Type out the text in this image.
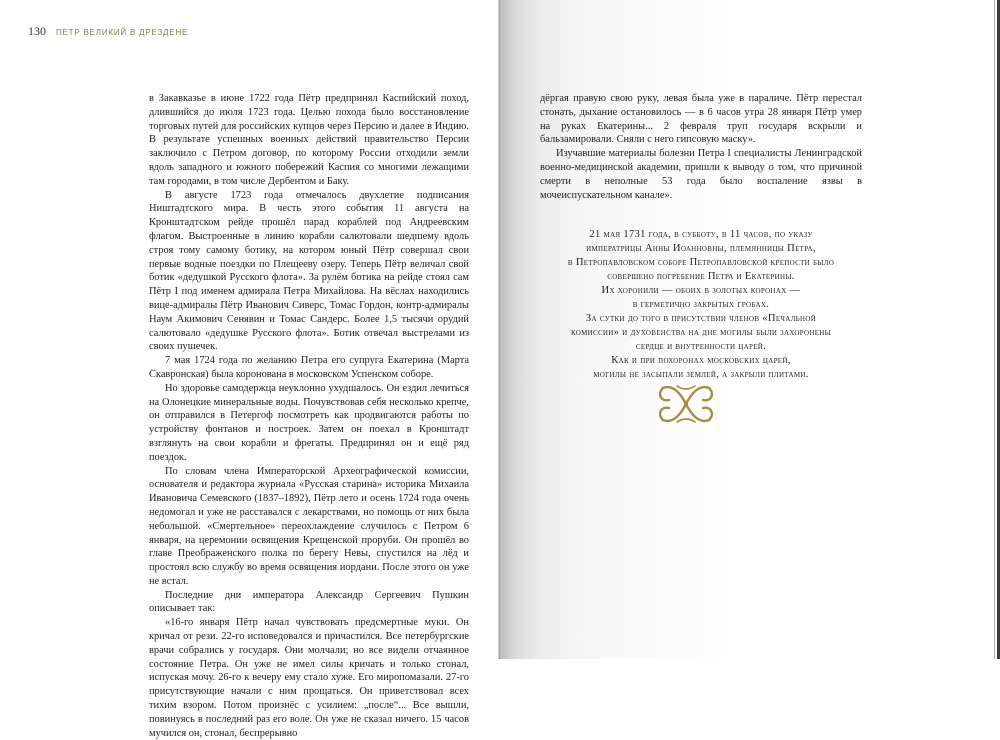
130 ПЕТР ВЕЛИКИЙ В ДРЕЗДЕНЕ

в Закавказье в июне 1722 года Пётр предпринял Каспийский поход, длившийся до июля 1723 года. Целью похода было восстановление торговых путей для российских купцов через Персию и далее в Индию. В результате успешных военных действий правительство Персии заключило с Петром договор, по которому России отходили земли вдоль западного и южного побережий Каспия со многими лежащими там городами, в том числе Дербентом и Баку.

В августе 1723 года отмечалось двухлетие подписания Ништадтского мира. В честь этого события 11 августа на Кронштадтском рейде прошёл парад кораблей под Андреевским флагом. Выстроенные в линию корабли салютовали шедшему вдоль строя тому самому ботику, на котором юный Пётр совершал свои первые водные поездки по Плещееву озеру. Теперь Пётр величал свой ботик «дедушкой Русского флота». За рулём ботика на рейде стоял сам Пётр I под именем адмирала Петра Михайлова. На вёслах находились вице-адмиралы Пётр Иванович Сиверс, Томас Гордон, контр-адмиралы Наум Акимович Сенявин и Томас Сандерс. Более 1,5 тысячи орудий салютовало «дедушке Русского флота». Ботик отвечал выстрелами из своих пушечек.

7 мая 1724 года по желанию Петра его супруга Екатерина (Марта Скавронская) была коронована в московском Успенском соборе.

Но здоровье самодержца неуклонно ухудшалось. Он ездил лечиться на Олонецкие минеральные воды. Почувствовав себя несколько крепче, он отправился в Петергоф посмотреть как продвигаются работы по устройству фонтанов и построек. Затем он поехал в Кронштадт взглянуть на свои корабли и фрегаты. Предпринял он и ещё ряд поездок.

По словам члена Императорской Археографической комиссии, основателя и редактора журнала «Русская старина» историка Михаила Ивановича Семевского (1837–1892), Пётр лето и осень 1724 года очень недомогал и уже не расставался с лекарствами, но помощь от них была небольшой. «Смертельное» переохлаждение случилось с Петром 6 января, на церемонии освящения Крещенской проруби. Он прошёл во главе Преображенского полка по берегу Невы, спустился на лёд и простоял всю службу во время освящения иордани. После этого он уже не встал.

Последние дни императора Александр Сергеевич Пушкин описывает так:

«16-го января Пётр начал чувствовать предсмертные муки. Он кричал от рези. 22-го исповедовался и причастился. Все петербургские врачи собрались у государя. Они молчали; но все видели отчаянное состояние Петра. Он уже не имел силы кричать и только стонал, испуская мочу. 26-го к вечеру ему стало хуже. Его миропомазали. 27-го присутствующие начали с ним прощаться. Он приветствовал всех тихим взором. Потом произнёс с усилием: „после“... Все вышли, повинуясь в последний раз его воле. Он уже не сказал ничего. 15 часов мучился он, стонал, беспрерывно

дёргая правую свою руку, левая была уже в параличе. Пётр перестал стонать, дыхание остановилось — в 6 часов утра 28 января Пётр умер на руках Екатерины... 2 февраля труп государя вскрыли и бальзамировали. Сняли с него гипсовую маску».

Изучавшие материалы болезни Петра I специалисты Ленинградской военно-медицинской академии, пришли к выводу о том, что причиной смерти в неполные 53 года было воспаление язвы в мочеиспускательном канале».

21 мая 1731 года, в субботу, в 11 часов, по указу
императрицы Анны Иоанновны, племянницы Петра,
в Петропавловском соборе Петропавловской крепости было
совершено погребение Петра и Екатерины.
Их хоронили — обоих в золотых коронах —
в герметично закрытых гробах.
За сутки до того в присутствии членов «Печальной
комиссии» и духовенства на дне могилы были захоронены
сердце и внутренности царей.
Как и при похоронах московских царей,
могилы не засыпали землей, а закрыли плитами.
